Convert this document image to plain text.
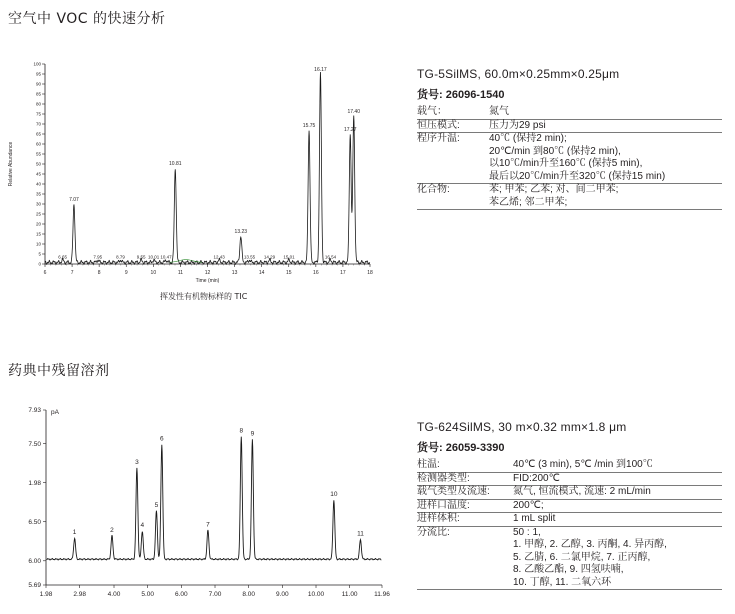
空气中 VOC 的快速分析
6	7	8	9	10	11	12	13	14	15	16	17	18
0
5
10
15
20
25
30
35
40
45
50
55
60
65
70
75
80
85
90
95
100
Time (min)
Relative Abundance
7.07
10.81
13.23
15.75
16.17
17.27
17.40
6.65	7.95	8.79	9.55 10.01 10.47	12.43	13.55 14.29 15.01	16.54
挥发性有机物标样的 TIC
TG-5SilMS, 60.0m×0.25mm×0.25μm
货号: 26096-1540
载气：	氮气
恒压模式:	压力为29 psi
程序升温:	40℃ (保持2 min);
20℃/min 到80℃ (保持2 min),
以10℃/min升至160℃ (保持5 min),
最后以20℃/min升至320℃ (保持15 min)
化合物:	苯; 甲苯; 乙苯; 对、间二甲苯;
苯乙烯; 邻二甲苯;
药典中残留溶剂
1.98	2.98	4.00	5.00	6.00	7.00	8.00	9.00	10.00	11.00	11.96
5.69
6.00
6.50
1.98
7.50
7.93 pA
1	2
3
4
5
6
7
8 9
10
11
TG-624SilMS, 30 m×0.32 mm×1.8 μm
货号: 26059-3390
柱温:	40℃ (3 min), 5℃ /min 到100℃
检测器类型:	FID:200℃
载气类型及流速:	氮气, 恒流模式, 流速: 2 mL/min
进样口温度:	200℃;
进样体积:	1 mL split
分流比:	50 : 1,
1. 甲醇, 2. 乙醇, 3. 丙酮, 4. 异丙醇,
5. 乙腈, 6. 二氯甲烷, 7. 正丙醇,
8. 乙酸乙酯, 9. 四氢呋喃,
10. 丁醇, 11. 二氧六环
